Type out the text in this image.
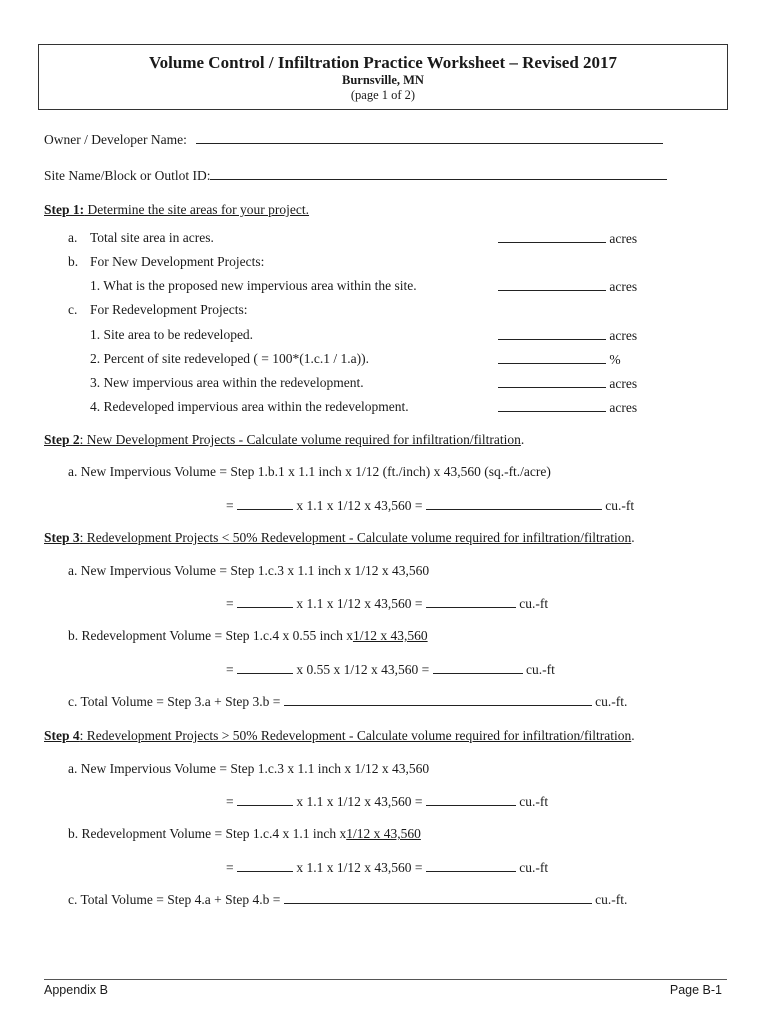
Volume Control / Infiltration Practice Worksheet – Revised 2017
Burnsville, MN
(page 1 of 2)
Owner / Developer Name:
Site Name/Block or Outlot ID:
Step 1: Determine the site areas for your project.
a. Total site area in acres.	acres
b. For New Development Projects:
1. What is the proposed new impervious area within the site.	acres
c. For Redevelopment Projects:
1. Site area to be redeveloped.	acres
2. Percent of site redeveloped ( = 100*(1.c.1 / 1.a)).	%
3. New impervious area within the redevelopment.	acres
4. Redeveloped impervious area within the redevelopment.	acres
Step 2: New Development Projects - Calculate volume required for infiltration/filtration.
a. New Impervious Volume = Step 1.b.1 x 1.1 inch x 1/12 (ft./inch) x 43,560 (sq.-ft./acre)
=	x 1.1 x 1/12 x 43,560 =	cu.-ft
Step 3: Redevelopment Projects < 50% Redevelopment - Calculate volume required for infiltration/filtration.
a. New Impervious Volume = Step 1.c.3 x 1.1 inch x 1/12 x 43,560
=	x 1.1 x 1/12 x 43,560 =	cu.-ft
b. Redevelopment Volume = Step 1.c.4 x 0.55 inch x1/12 x 43,560
=	x 0.55 x 1/12 x 43,560 =	cu.-ft
c. Total Volume = Step 3.a + Step 3.b =	cu.-ft.
Step 4: Redevelopment Projects > 50% Redevelopment - Calculate volume required for infiltration/filtration.
a. New Impervious Volume = Step 1.c.3 x 1.1 inch x 1/12 x 43,560
=	x 1.1 x 1/12 x 43,560 =	cu.-ft
b. Redevelopment Volume = Step 1.c.4 x 1.1 inch x1/12 x 43,560
=	x 1.1 x 1/12 x 43,560 =	cu.-ft
c. Total Volume = Step 4.a + Step 4.b =	cu.-ft.
Appendix B	Page B-1
